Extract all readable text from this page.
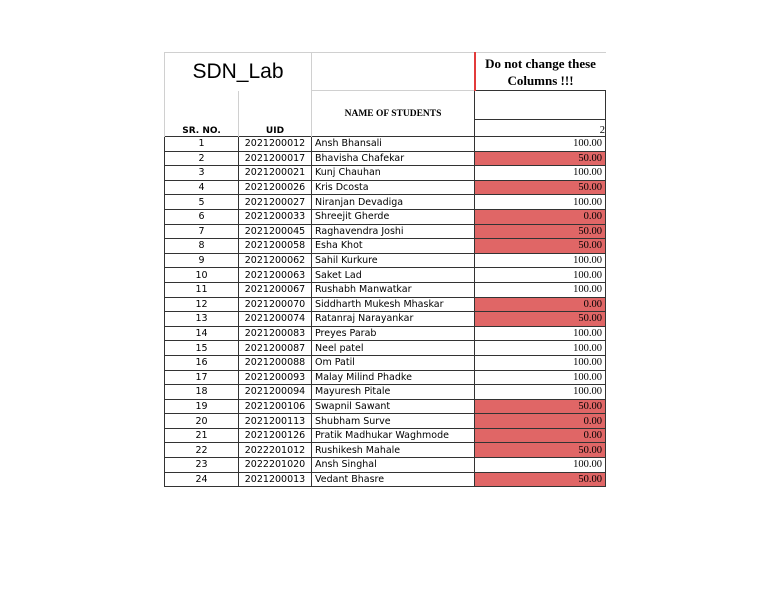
SDN_Lab			Do not change these Columns !!!
SR. NO.	UID	NAME OF STUDENTS	
			2
1	2021200012	Ansh Bhansali	100.00
2	2021200017	Bhavisha Chafekar	50.00
3	2021200021	Kunj Chauhan	100.00
4	2021200026	Kris Dcosta	50.00
5	2021200027	Niranjan Devadiga	100.00
6	2021200033	Shreejit Gherde	0.00
7	2021200045	Raghavendra Joshi	50.00
8	2021200058	Esha Khot	50.00
9	2021200062	Sahil Kurkure	100.00
10	2021200063	Saket Lad	100.00
11	2021200067	Rushabh Manwatkar	100.00
12	2021200070	Siddharth Mukesh Mhaskar	0.00
13	2021200074	Ratanraj Narayankar	50.00
14	2021200083	Preyes Parab	100.00
15	2021200087	Neel patel	100.00
16	2021200088	Om Patil	100.00
17	2021200093	Malay Milind Phadke	100.00
18	2021200094	Mayuresh Pitale	100.00
19	2021200106	Swapnil Sawant	50.00
20	2021200113	Shubham Surve	0.00
21	2021200126	Pratik Madhukar Waghmode	0.00
22	2022201012	Rushikesh Mahale	50.00
23	2022201020	Ansh Singhal	100.00
24	2021200013	Vedant Bhasre	50.00
